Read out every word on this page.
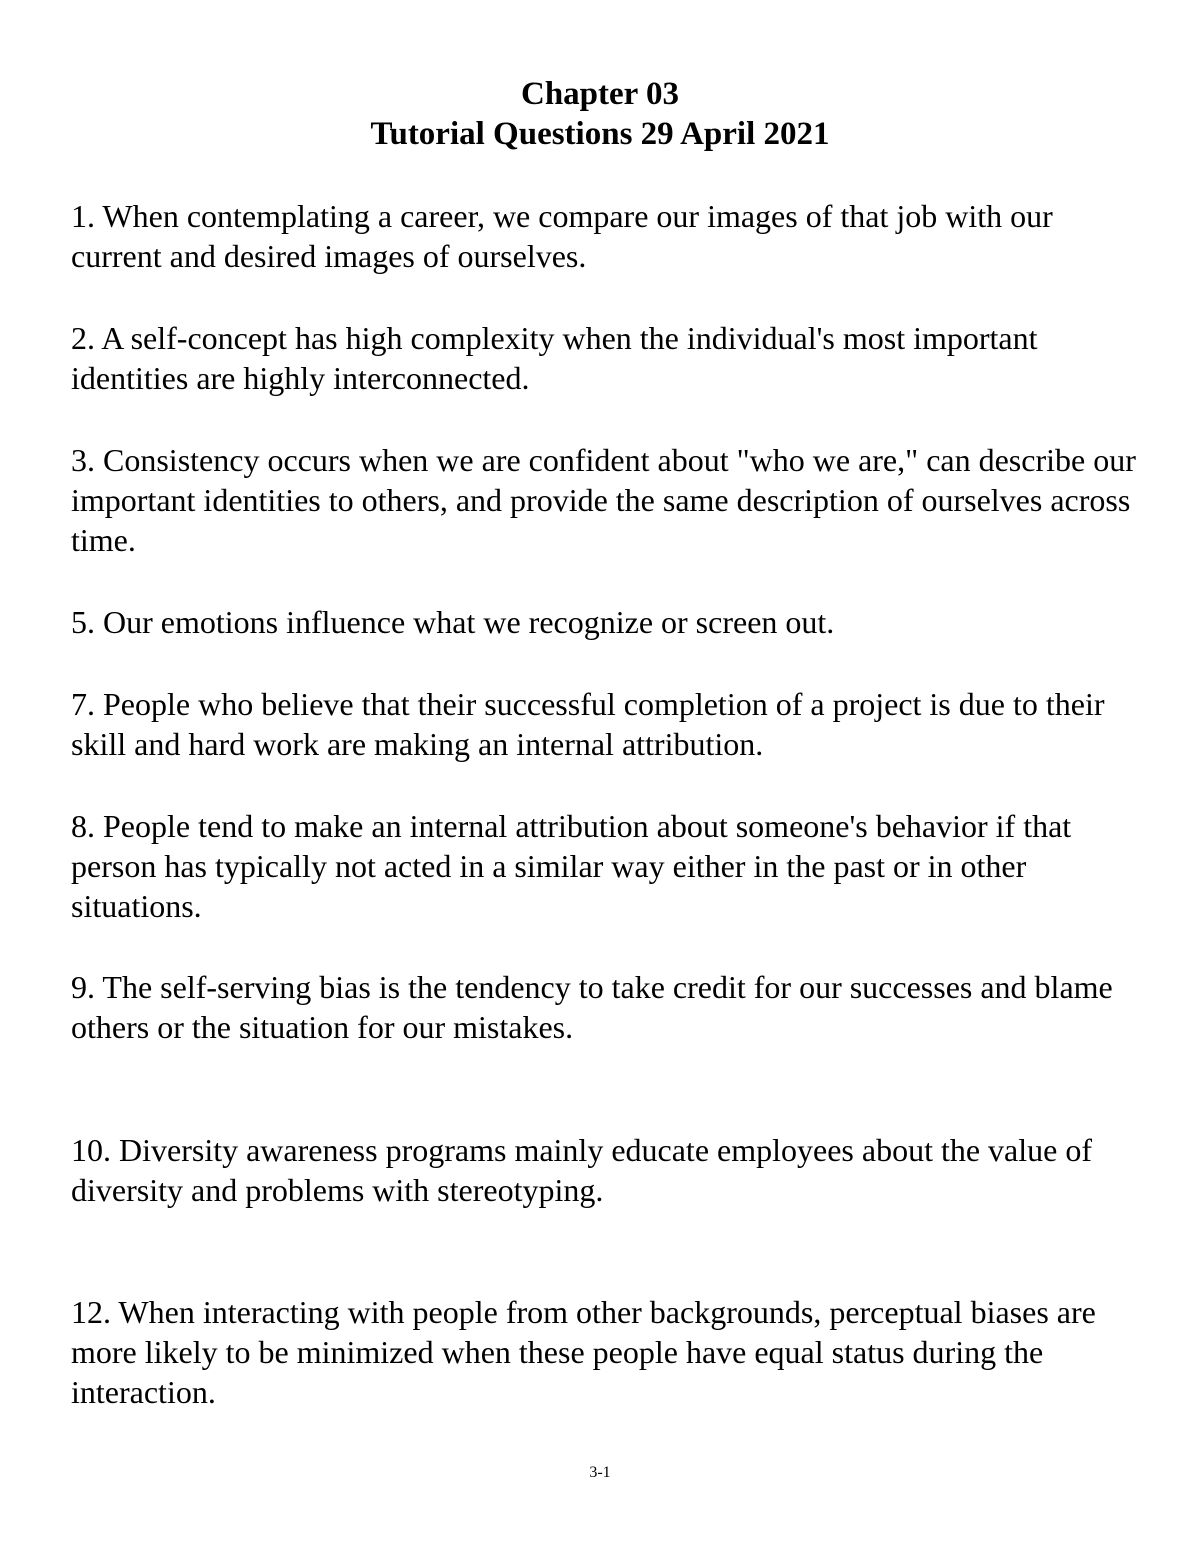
Chapter 03
Tutorial Questions 29 April 2021

1. When contemplating a career, we compare our images of that job with our current and desired images of ourselves.

2. A self-concept has high complexity when the individual's most important identities are highly interconnected.

3. Consistency occurs when we are confident about "who we are," can describe our important identities to others, and provide the same description of ourselves across time.

5. Our emotions influence what we recognize or screen out.

7. People who believe that their successful completion of a project is due to their skill and hard work are making an internal attribution.

8. People tend to make an internal attribution about someone's behavior if that person has typically not acted in a similar way either in the past or in other situations.

9. The self-serving bias is the tendency to take credit for our successes and blame others or the situation for our mistakes.

10. Diversity awareness programs mainly educate employees about the value of diversity and problems with stereotyping.

12. When interacting with people from other backgrounds, perceptual biases are more likely to be minimized when these people have equal status during the interaction.

3-1
